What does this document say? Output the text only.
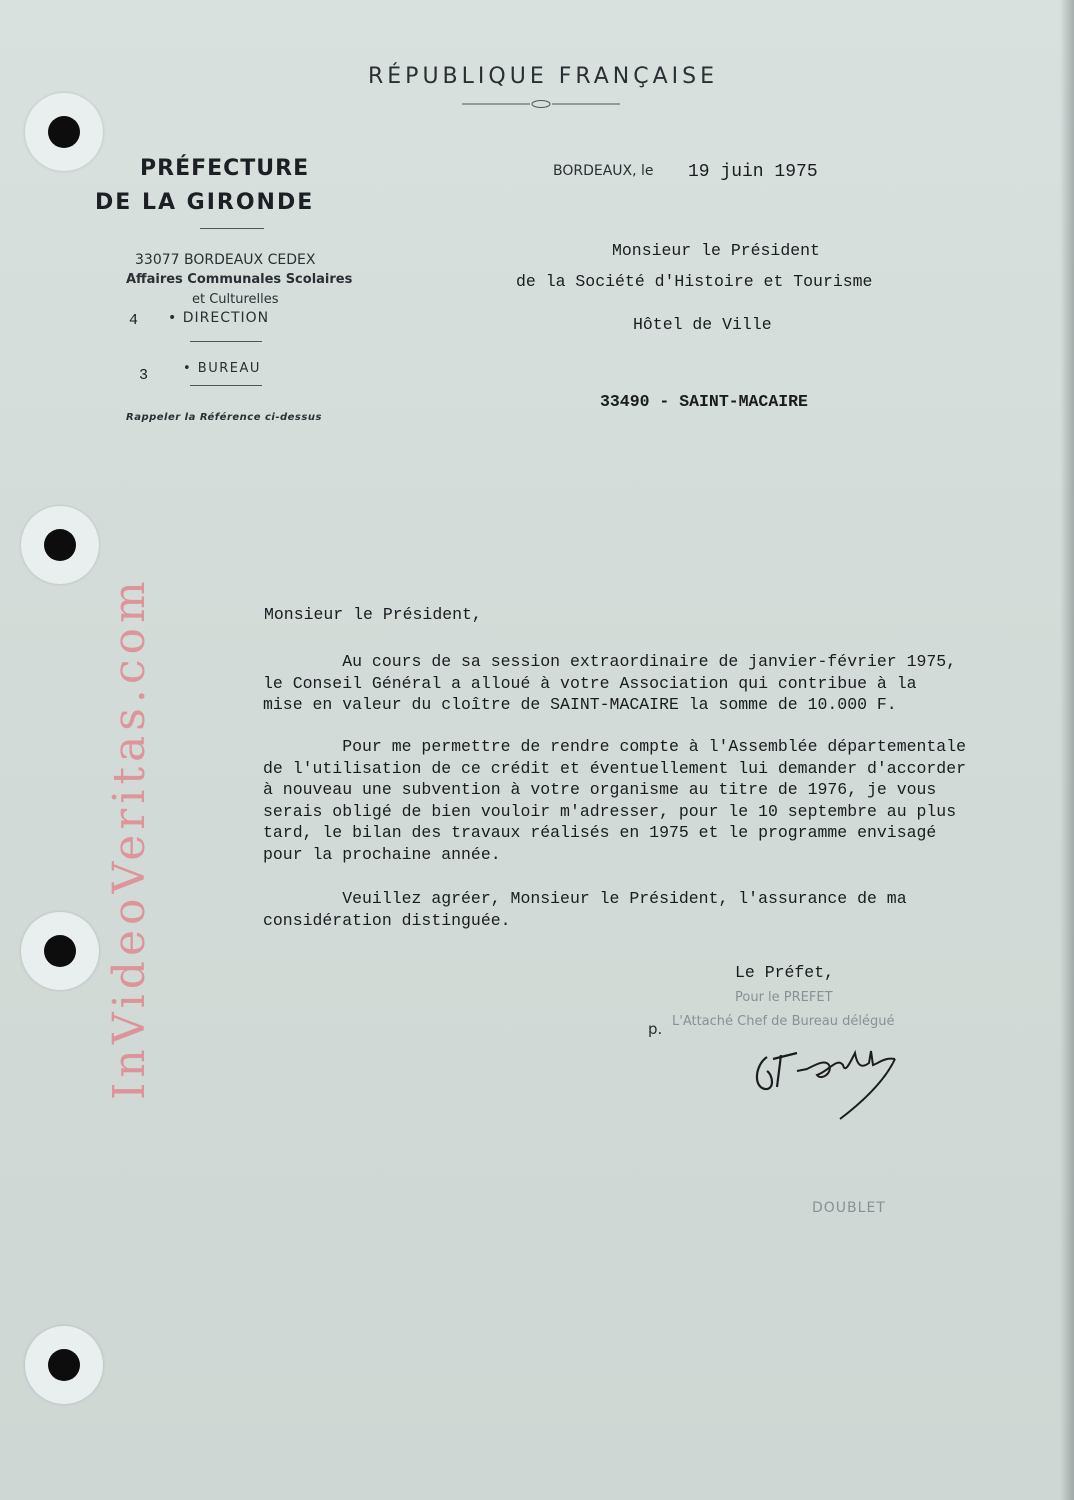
RÉPUBLIQUE FRANÇAISE
PRÉFECTURE
DE LA GIRONDE
33077 BORDEAUX CEDEX
Affaires Communales Scolaires
et Culturelles
4 • DIRECTION
3	• BUREAU
Rappeler la Référence ci-dessus
BORDEAUX, le 19 juin 1975
Monsieur le Président
de la Société d'Histoire et Tourisme
Hôtel de Ville
33490 - SAINT-MACAIRE
Monsieur le Président,
Au cours de sa session extraordinaire de janvier-février 1975,
le Conseil Général a alloué à votre Association qui contribue à la
mise en valeur du cloître de SAINT-MACAIRE la somme de 10.000 F.
Pour me permettre de rendre compte à l'Assemblée départementale
de l'utilisation de ce crédit et éventuellement lui demander d'accorder
à nouveau une subvention à votre organisme au titre de 1976, je vous
serais obligé de bien vouloir m'adresser, pour le 10 septembre au plus
tard, le bilan des travaux réalisés en 1975 et le programme envisagé
pour la prochaine année.
Veuillez agréer, Monsieur le Président, l'assurance de ma
considération distinguée.
Le Préfet,
Pour le PREFET
p. L'Attaché Chef de Bureau délégué
DOUBLET
InVideoVeritas.com
